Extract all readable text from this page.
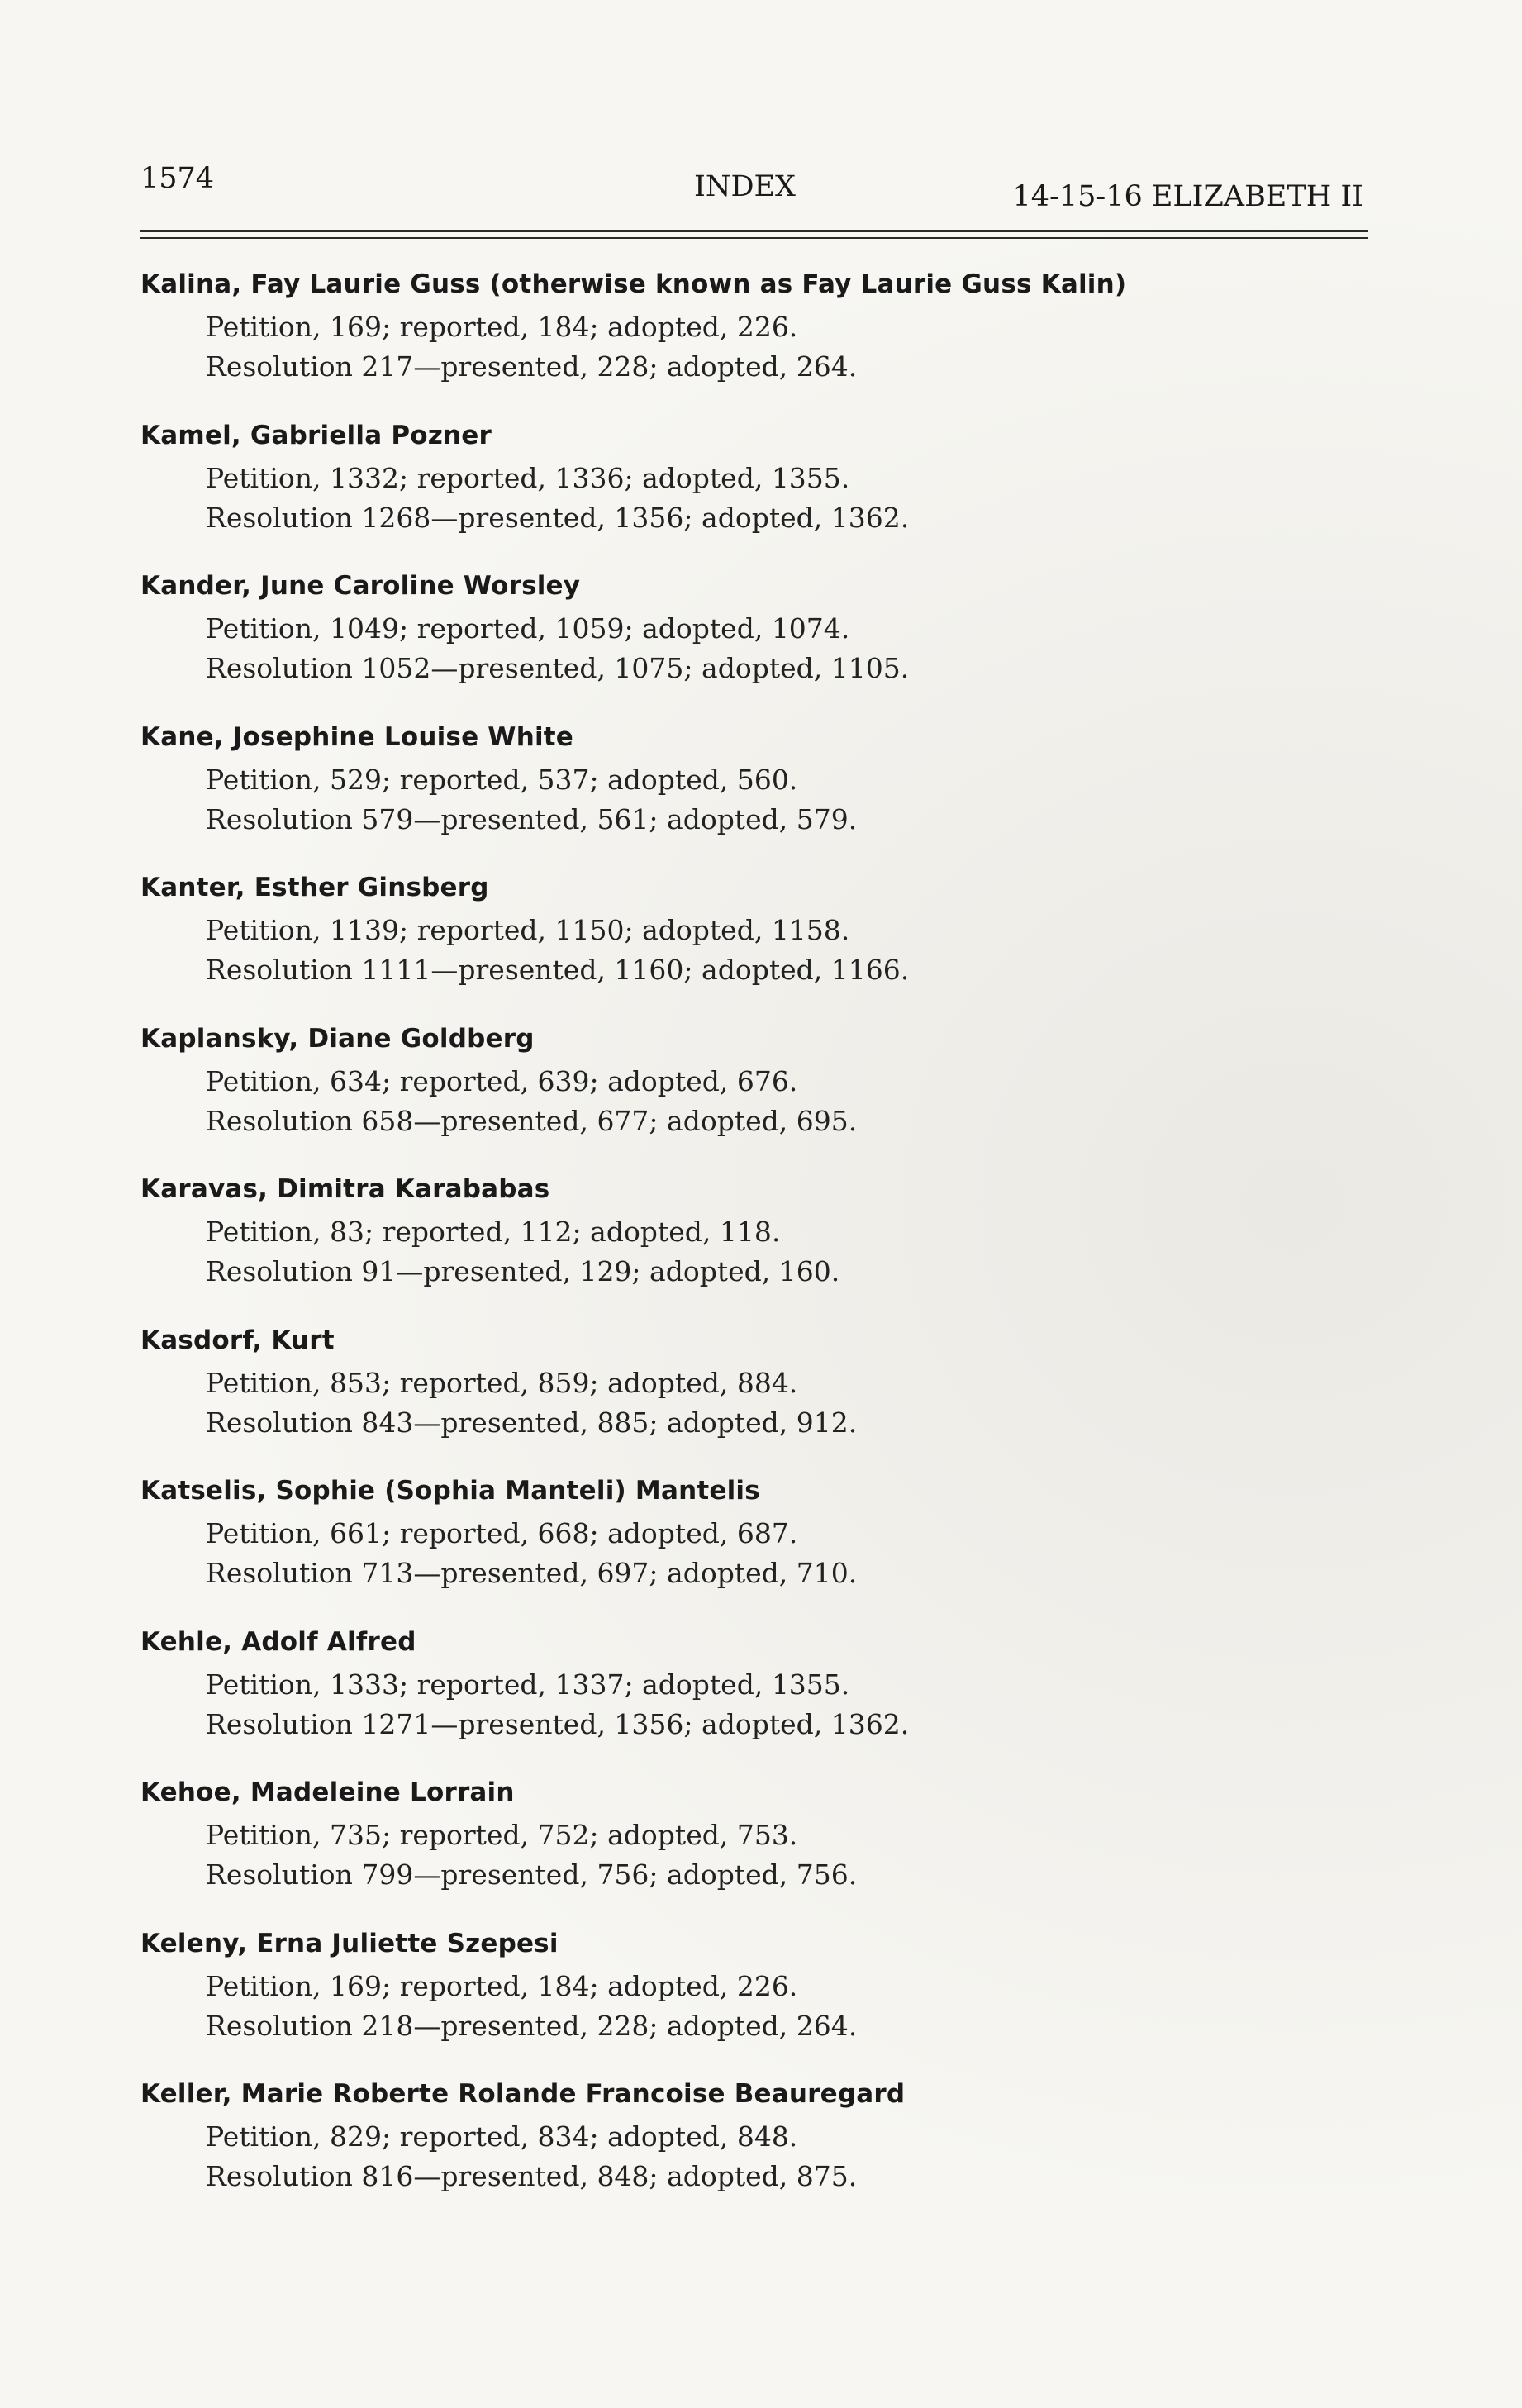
1574	INDEX	14-15-16 ELIZABETH II
Kalina, Fay Laurie Guss (otherwise known as Fay Laurie Guss Kalin)
Petition, 169; reported, 184; adopted, 226.
Resolution 217—presented, 228; adopted, 264.
Kamel, Gabriella Pozner
Petition, 1332; reported, 1336; adopted, 1355.
Resolution 1268—presented, 1356; adopted, 1362.
Kander, June Caroline Worsley
Petition, 1049; reported, 1059; adopted, 1074.
Resolution 1052—presented, 1075; adopted, 1105.
Kane, Josephine Louise White
Petition, 529; reported, 537; adopted, 560.
Resolution 579—presented, 561; adopted, 579.
Kanter, Esther Ginsberg
Petition, 1139; reported, 1150; adopted, 1158.
Resolution 1111—presented, 1160; adopted, 1166.
Kaplansky, Diane Goldberg
Petition, 634; reported, 639; adopted, 676.
Resolution 658—presented, 677; adopted, 695.
Karavas, Dimitra Karababas
Petition, 83; reported, 112; adopted, 118.
Resolution 91—presented, 129; adopted, 160.
Kasdorf, Kurt
Petition, 853; reported, 859; adopted, 884.
Resolution 843—presented, 885; adopted, 912.
Katselis, Sophie (Sophia Manteli) Mantelis
Petition, 661; reported, 668; adopted, 687.
Resolution 713—presented, 697; adopted, 710.
Kehle, Adolf Alfred
Petition, 1333; reported, 1337; adopted, 1355.
Resolution 1271—presented, 1356; adopted, 1362.
Kehoe, Madeleine Lorrain
Petition, 735; reported, 752; adopted, 753.
Resolution 799—presented, 756; adopted, 756.
Keleny, Erna Juliette Szepesi
Petition, 169; reported, 184; adopted, 226.
Resolution 218—presented, 228; adopted, 264.
Keller, Marie Roberte Rolande Francoise Beauregard
Petition, 829; reported, 834; adopted, 848.
Resolution 816—presented, 848; adopted, 875.
